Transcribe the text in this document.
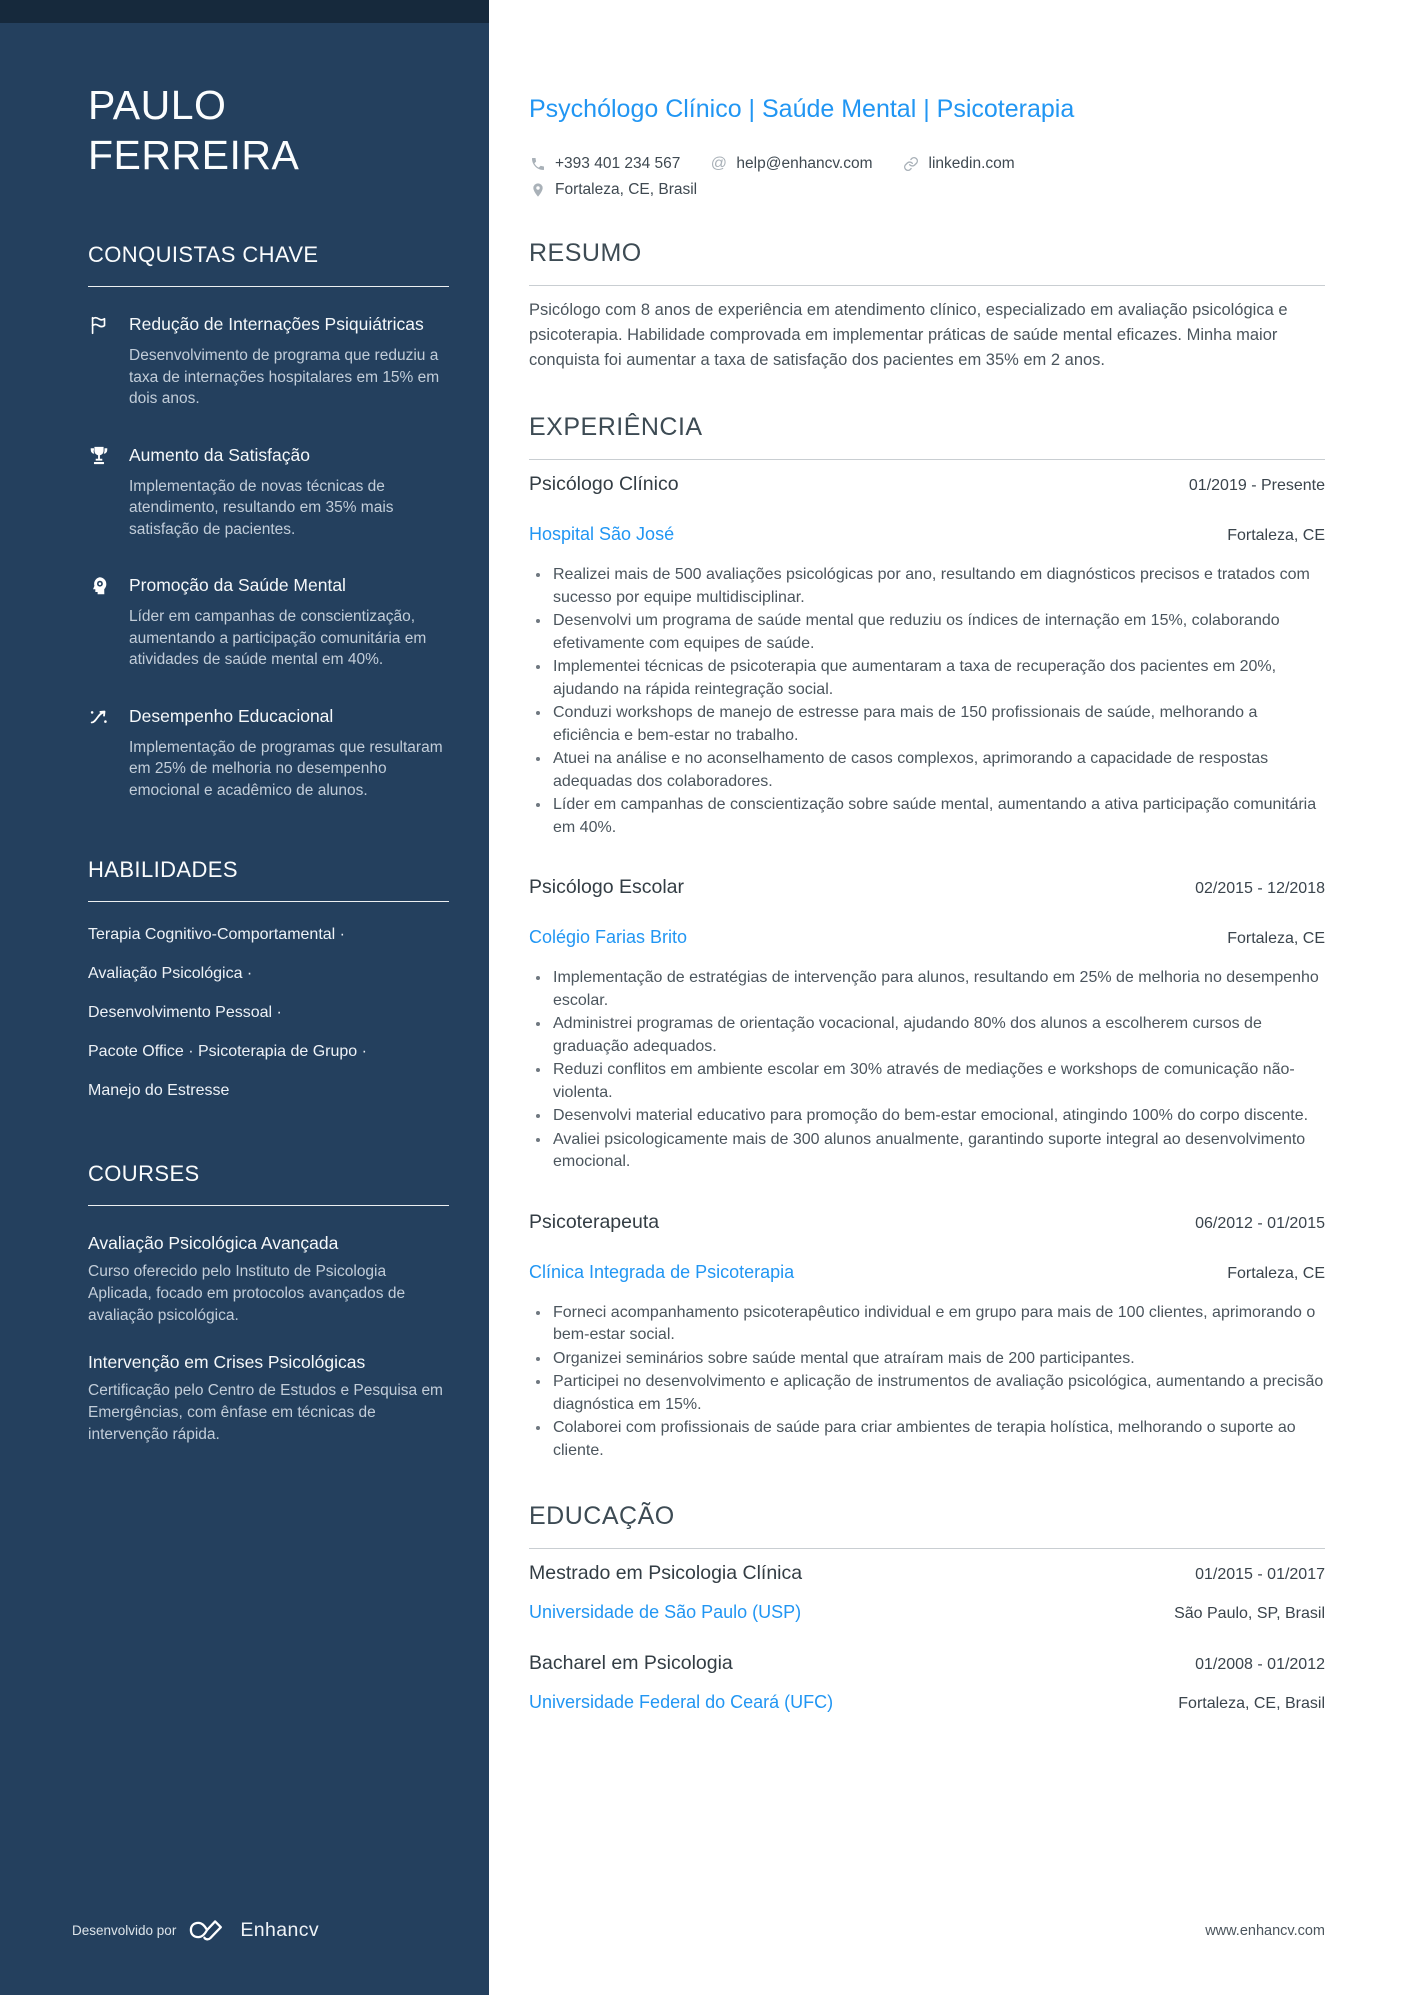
PAULO FERREIRA
CONQUISTAS CHAVE
Redução de Internações Psiquiátricas
Desenvolvimento de programa que reduziu a taxa de internações hospitalares em 15% em dois anos.
Aumento da Satisfação
Implementação de novas técnicas de atendimento, resultando em 35% mais satisfação de pacientes.
Promoção da Saúde Mental
Líder em campanhas de conscientização, aumentando a participação comunitária em atividades de saúde mental em 40%.
Desempenho Educacional
Implementação de programas que resultaram em 25% de melhoria no desempenho emocional e acadêmico de alunos.
HABILIDADES
Terapia Cognitivo-Comportamental ·
Avaliação Psicológica ·
Desenvolvimento Pessoal ·
Pacote Office · Psicoterapia de Grupo ·
Manejo do Estresse
COURSES
Avaliação Psicológica Avançada
Curso oferecido pelo Instituto de Psicologia Aplicada, focado em protocolos avançados de avaliação psicológica.
Intervenção em Crises Psicológicas
Certificação pelo Centro de Estudos e Pesquisa em Emergências, com ênfase em técnicas de intervenção rápida.
Desenvolvido por	Enhancv
Psychólogo Clínico | Saúde Mental | Psicoterapia
+393 401 234 567 @ help@enhancv.com	linkedin.com
Fortaleza, CE, Brasil
RESUMO

Psicólogo com 8 anos de experiência em atendimento clínico, especializado em avaliação psicológica e psicoterapia. Habilidade comprovada em implementar práticas de saúde mental eficazes. Minha maior conquista foi aumentar a taxa de satisfação dos pacientes em 35% em 2 anos.

EXPERIÊNCIA
Psicólogo Clínico	01/2019 - Presente
Hospital São José	Fortaleza, CE
• Realizei mais de 500 avaliações psicológicas por ano, resultando em diagnósticos precisos e tratados com sucesso por equipe multidisciplinar.
• Desenvolvi um programa de saúde mental que reduziu os índices de internação em 15%, colaborando efetivamente com equipes de saúde.
• Implementei técnicas de psicoterapia que aumentaram a taxa de recuperação dos pacientes em 20%, ajudando na rápida reintegração social.
• Conduzi workshops de manejo de estresse para mais de 150 profissionais de saúde, melhorando a eficiência e bem-estar no trabalho.
• Atuei na análise e no aconselhamento de casos complexos, aprimorando a capacidade de respostas adequadas dos colaboradores.
• Líder em campanhas de conscientização sobre saúde mental, aumentando a ativa participação comunitária em 40%.
Psicólogo Escolar	02/2015 - 12/2018
Colégio Farias Brito	Fortaleza, CE
• Implementação de estratégias de intervenção para alunos, resultando em 25% de melhoria no desempenho escolar.
• Administrei programas de orientação vocacional, ajudando 80% dos alunos a escolherem cursos de graduação adequados.
• Reduzi conflitos em ambiente escolar em 30% através de mediações e workshops de comunicação não-violenta.
• Desenvolvi material educativo para promoção do bem-estar emocional, atingindo 100% do corpo discente.
• Avaliei psicologicamente mais de 300 alunos anualmente, garantindo suporte integral ao desenvolvimento emocional.
Psicoterapeuta	06/2012 - 01/2015
Clínica Integrada de Psicoterapia	Fortaleza, CE
• Forneci acompanhamento psicoterapêutico individual e em grupo para mais de 100 clientes, aprimorando o bem-estar social.
• Organizei seminários sobre saúde mental que atraíram mais de 200 participantes.
• Participei no desenvolvimento e aplicação de instrumentos de avaliação psicológica, aumentando a precisão diagnóstica em 15%.
• Colaborei com profissionais de saúde para criar ambientes de terapia holística, melhorando o suporte ao cliente.
EDUCAÇÃO
Mestrado em Psicologia Clínica	01/2015 - 01/2017
Universidade de São Paulo (USP)	São Paulo, SP, Brasil
Bacharel em Psicologia	01/2008 - 01/2012
Universidade Federal do Ceará (UFC)	Fortaleza, CE, Brasil
www.enhancv.com
